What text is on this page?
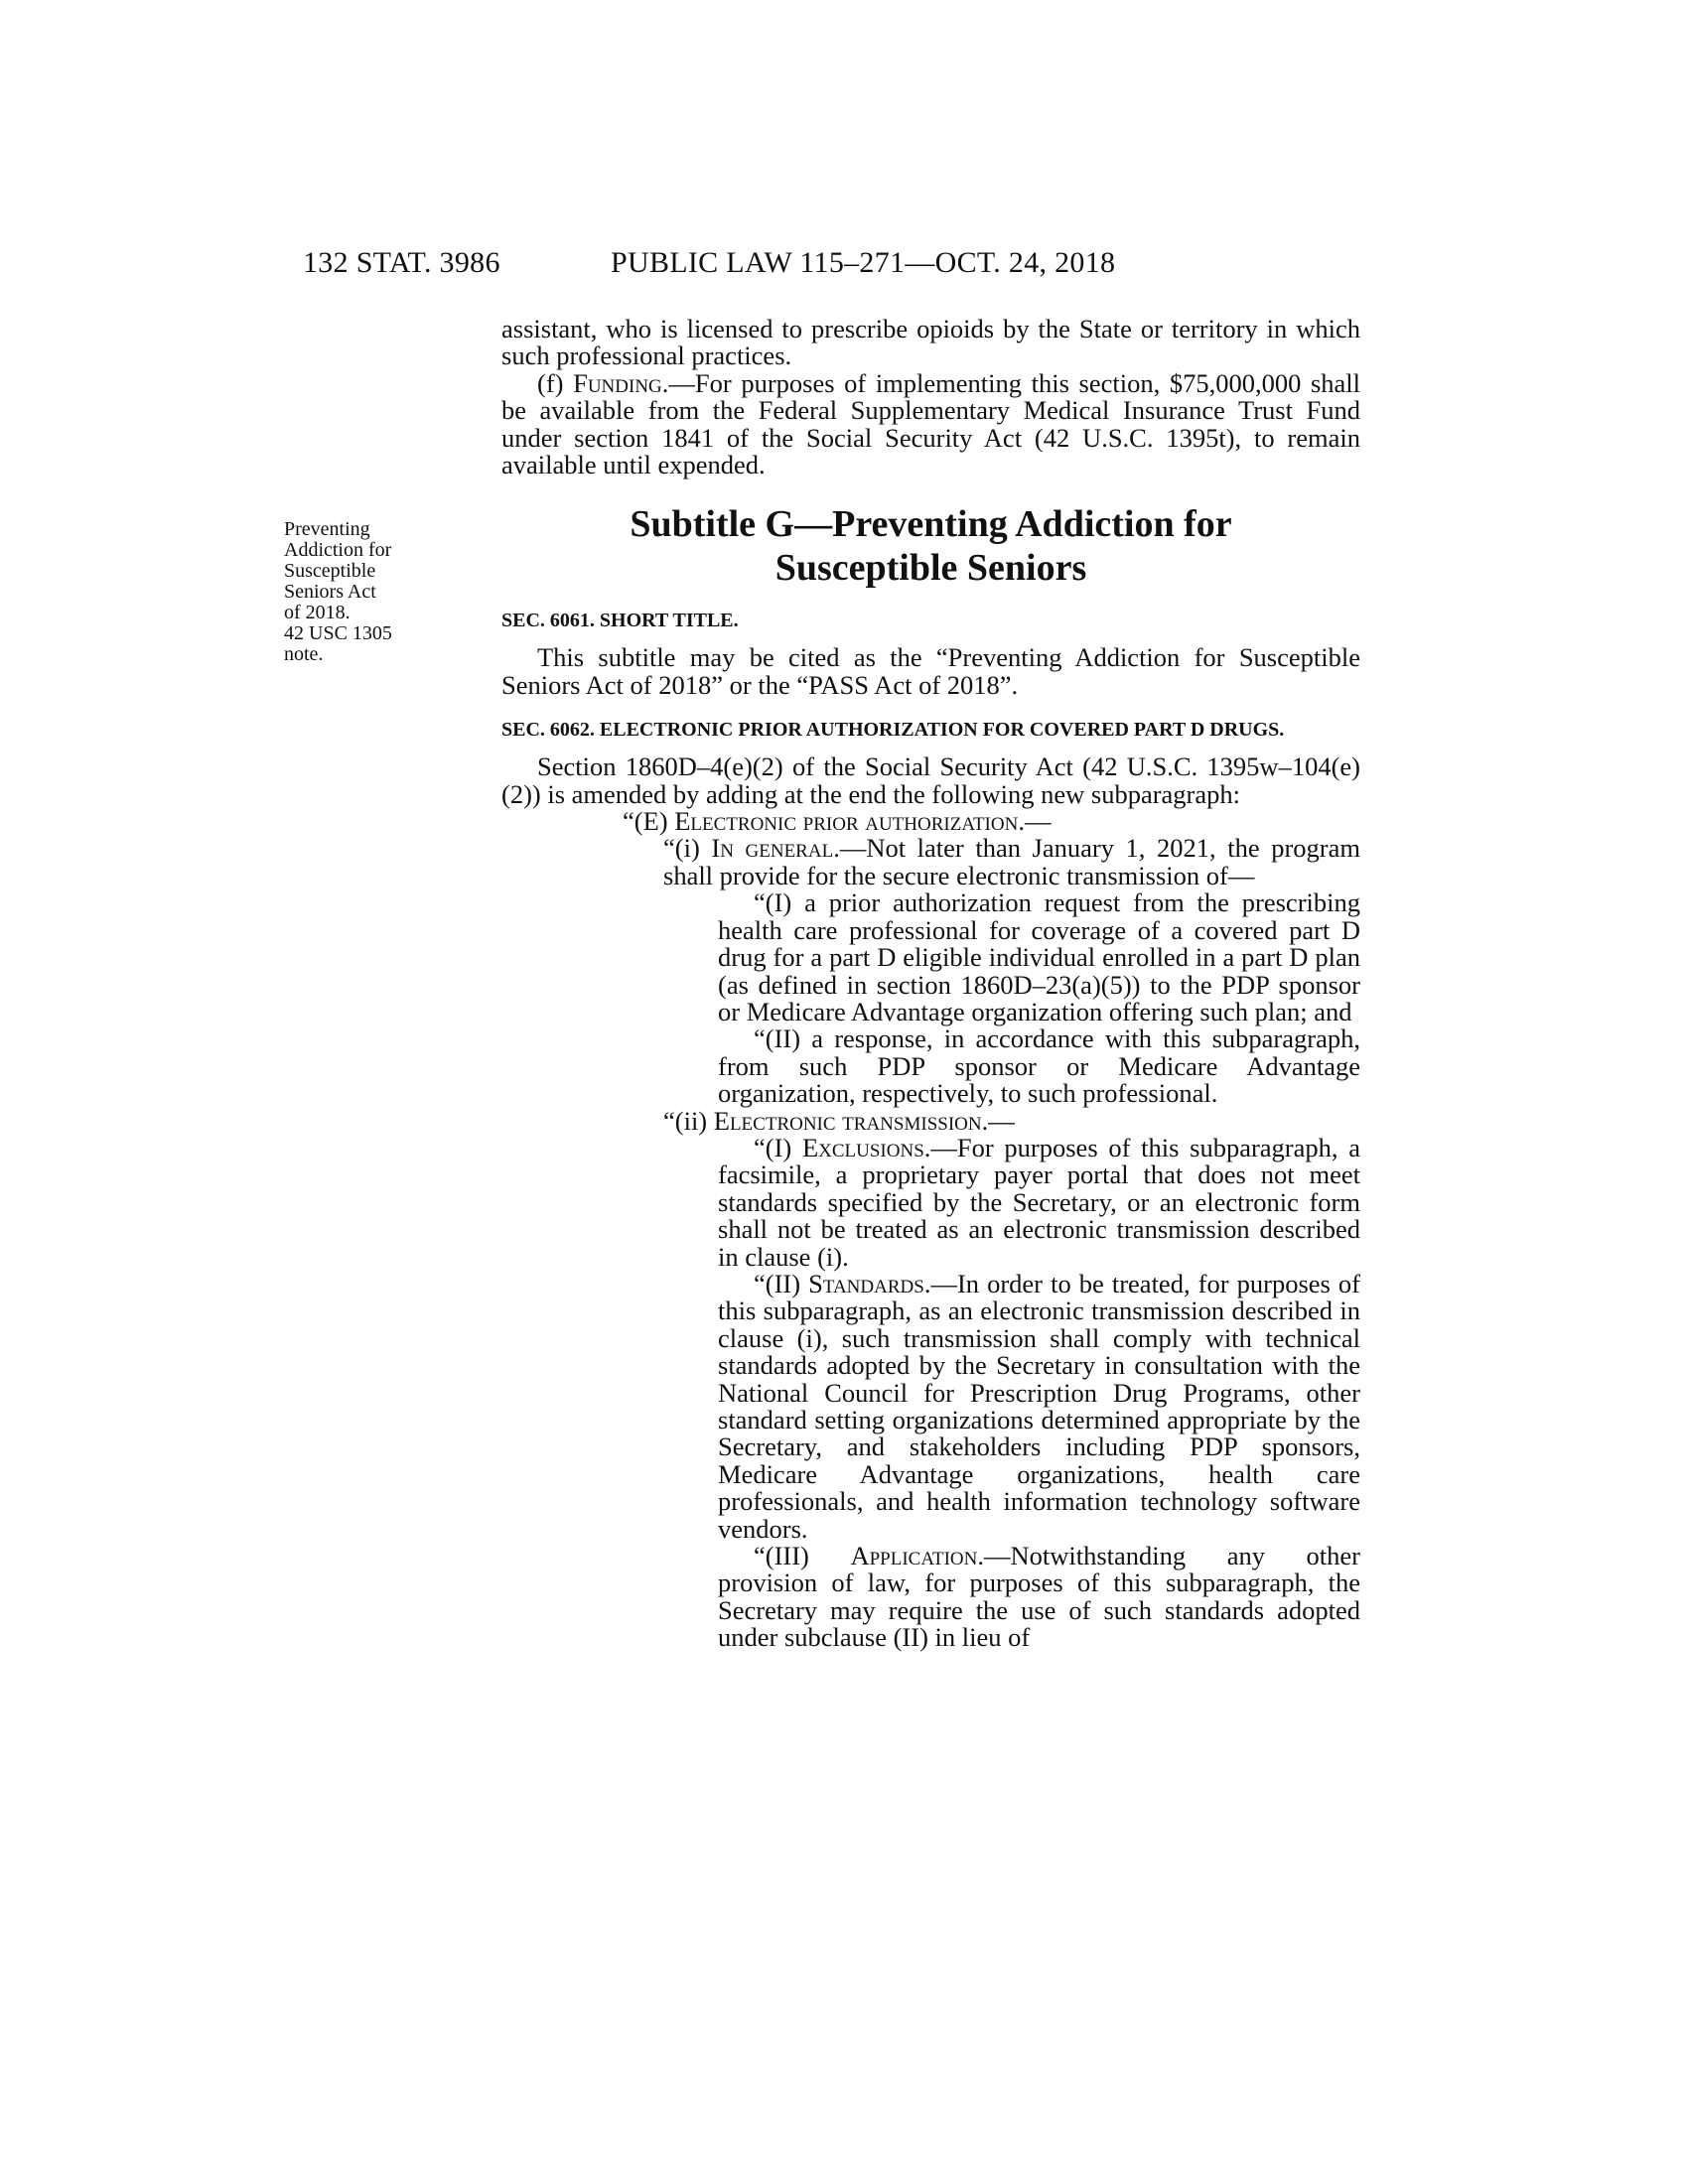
132 STAT. 3986	PUBLIC LAW 115–271—OCT. 24, 2018
Preventing
Addiction for
Susceptible
Seniors Act
of 2018.
42 USC 1305
note.

assistant, who is licensed to prescribe opioids by the State or territory in which such professional practices.

(f) Funding.—For purposes of implementing this section, $75,000,000 shall be available from the Federal Supplementary Medical Insurance Trust Fund under section 1841 of the Social Security Act (42 U.S.C. 1395t), to remain available until expended.

Subtitle G—Preventing Addiction for
Susceptible Seniors
SEC. 6061. SHORT TITLE.

This subtitle may be cited as the “Preventing Addiction for Susceptible Seniors Act of 2018” or the “PASS Act of 2018”.

SEC. 6062. ELECTRONIC PRIOR AUTHORIZATION FOR COVERED PART D DRUGS.

Section 1860D–4(e)(2) of the Social Security Act (42 U.S.C. 1395w–104(e)(2)) is amended by adding at the end the following new subparagraph:

“(E) Electronic prior authorization.—

“(i) In general.—Not later than January 1, 2021, the program shall provide for the secure electronic transmission of—

“(I) a prior authorization request from the prescribing health care professional for coverage of a covered part D drug for a part D eligible individual enrolled in a part D plan (as defined in section 1860D–23(a)(5)) to the PDP sponsor or Medicare Advantage organization offering such plan; and

“(II) a response, in accordance with this subparagraph, from such PDP sponsor or Medicare Advantage organization, respectively, to such professional.

“(ii) Electronic transmission.—

“(I) Exclusions.—For purposes of this subparagraph, a facsimile, a proprietary payer portal that does not meet standards specified by the Secretary, or an electronic form shall not be treated as an electronic transmission described in clause (i).

“(II) Standards.—In order to be treated, for purposes of this subparagraph, as an electronic transmission described in clause (i), such transmission shall comply with technical standards adopted by the Secretary in consultation with the National Council for Prescription Drug Programs, other standard setting organizations determined appropriate by the Secretary, and stakeholders including PDP sponsors, Medicare Advantage organizations, health care professionals, and health information technology software vendors.

“(III) Application.—Notwithstanding any other provision of law, for purposes of this subparagraph, the Secretary may require the use of such standards adopted under subclause (II) in lieu of
